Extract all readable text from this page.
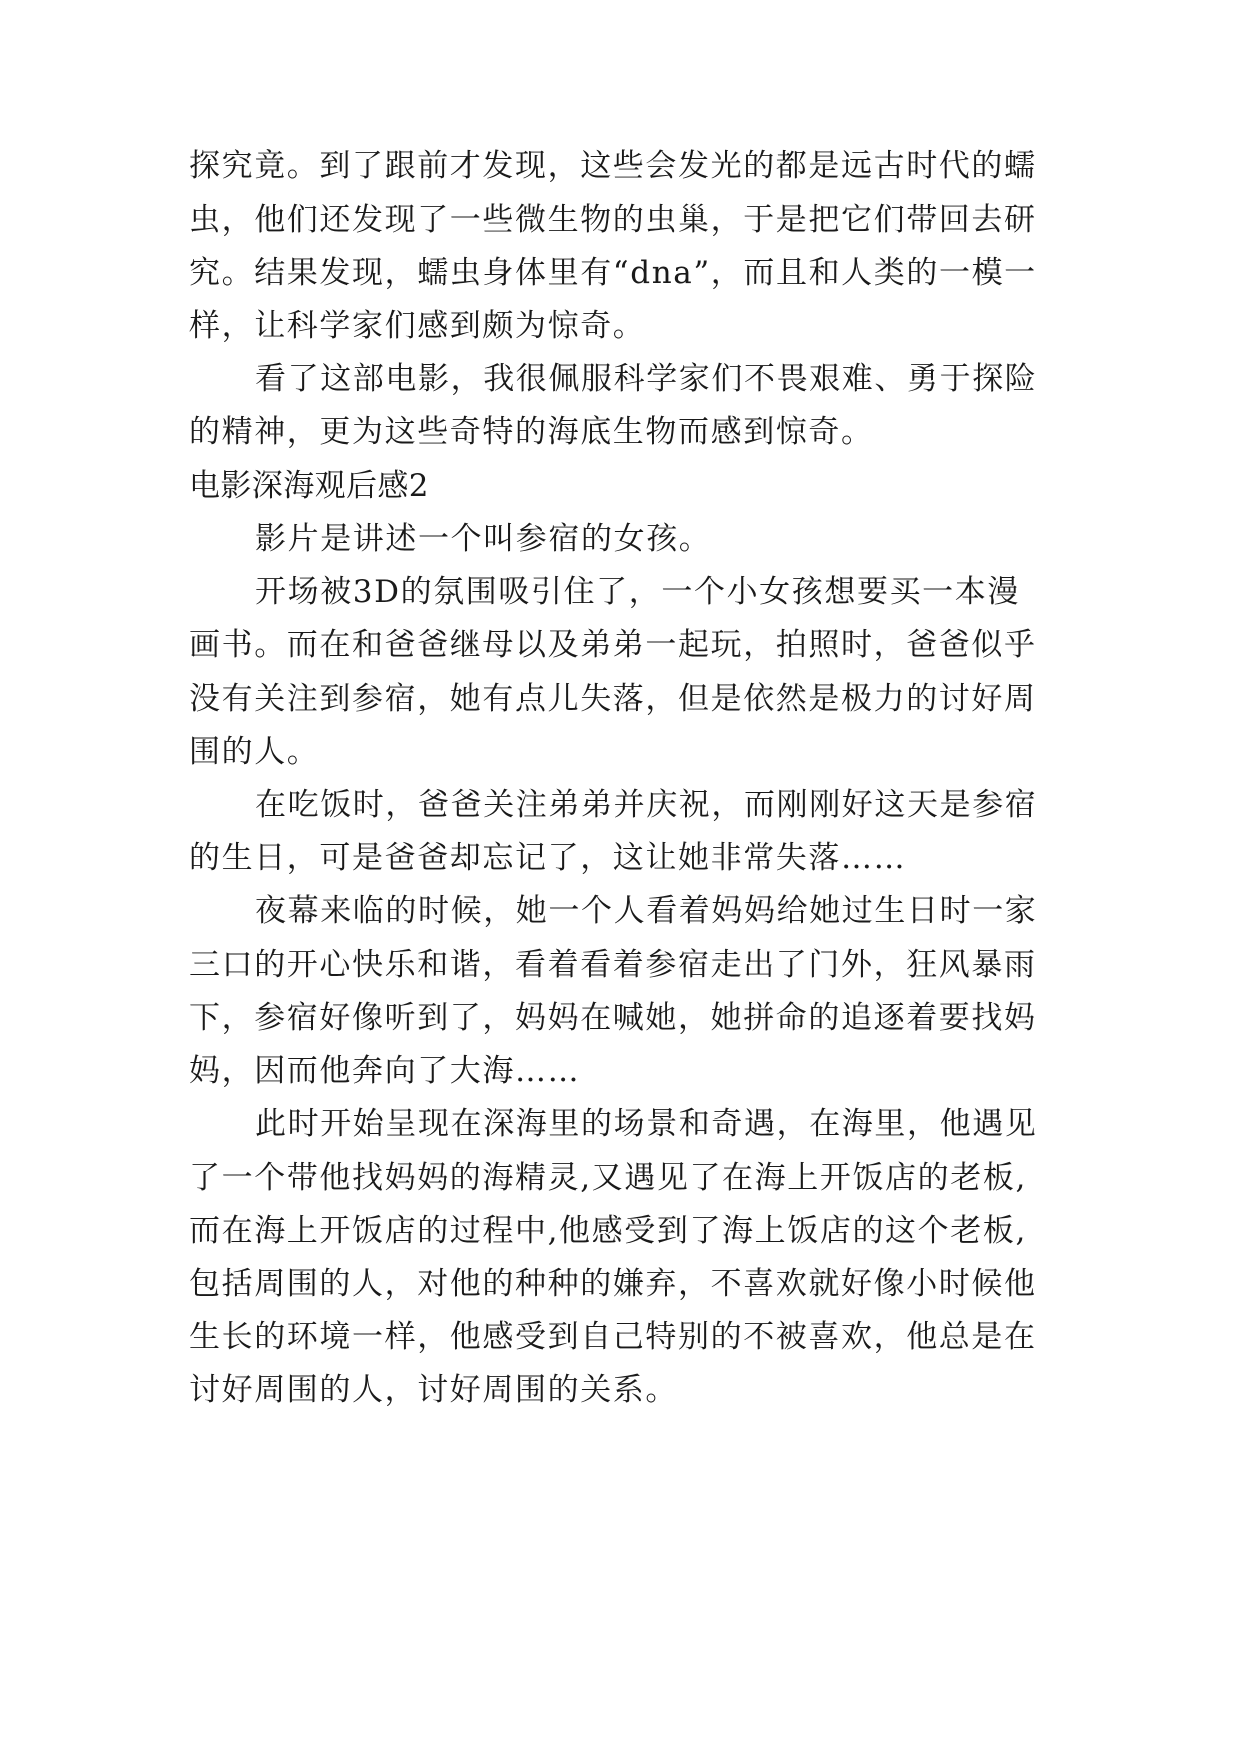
探究竟。到了跟前才发现，这些会发光的都是远古时代的蠕
虫，他们还发现了一些微生物的虫巢，于是把它们带回去研
究。结果发现，蠕虫身体里有“dna”，而且和人类的一模一
样，让科学家们感到颇为惊奇。
看了这部电影，我很佩服科学家们不畏艰难、勇于探险
的精神，更为这些奇特的海底生物而感到惊奇。
电影深海观后感2
影片是讲述一个叫参宿的女孩。
开场被3D的氛围吸引住了，一个小女孩想要买一本漫
画书。而在和爸爸继母以及弟弟一起玩，拍照时，爸爸似乎
没有关注到参宿，她有点儿失落，但是依然是极力的讨好周
围的人。
在吃饭时，爸爸关注弟弟并庆祝，而刚刚好这天是参宿
的生日，可是爸爸却忘记了，这让她非常失落……
夜幕来临的时候，她一个人看着妈妈给她过生日时一家
三口的开心快乐和谐，看着看着参宿走出了门外，狂风暴雨
下，参宿好像听到了，妈妈在喊她，她拼命的追逐着要找妈
妈，因而他奔向了大海……
此时开始呈现在深海里的场景和奇遇，在海里，他遇见
了一个带他找妈妈的海精灵,又遇见了在海上开饭店的老板,
而在海上开饭店的过程中,他感受到了海上饭店的这个老板,
包括周围的人，对他的种种的嫌弃，不喜欢就好像小时候他
生长的环境一样，他感受到自己特别的不被喜欢，他总是在
讨好周围的人，讨好周围的关系。
